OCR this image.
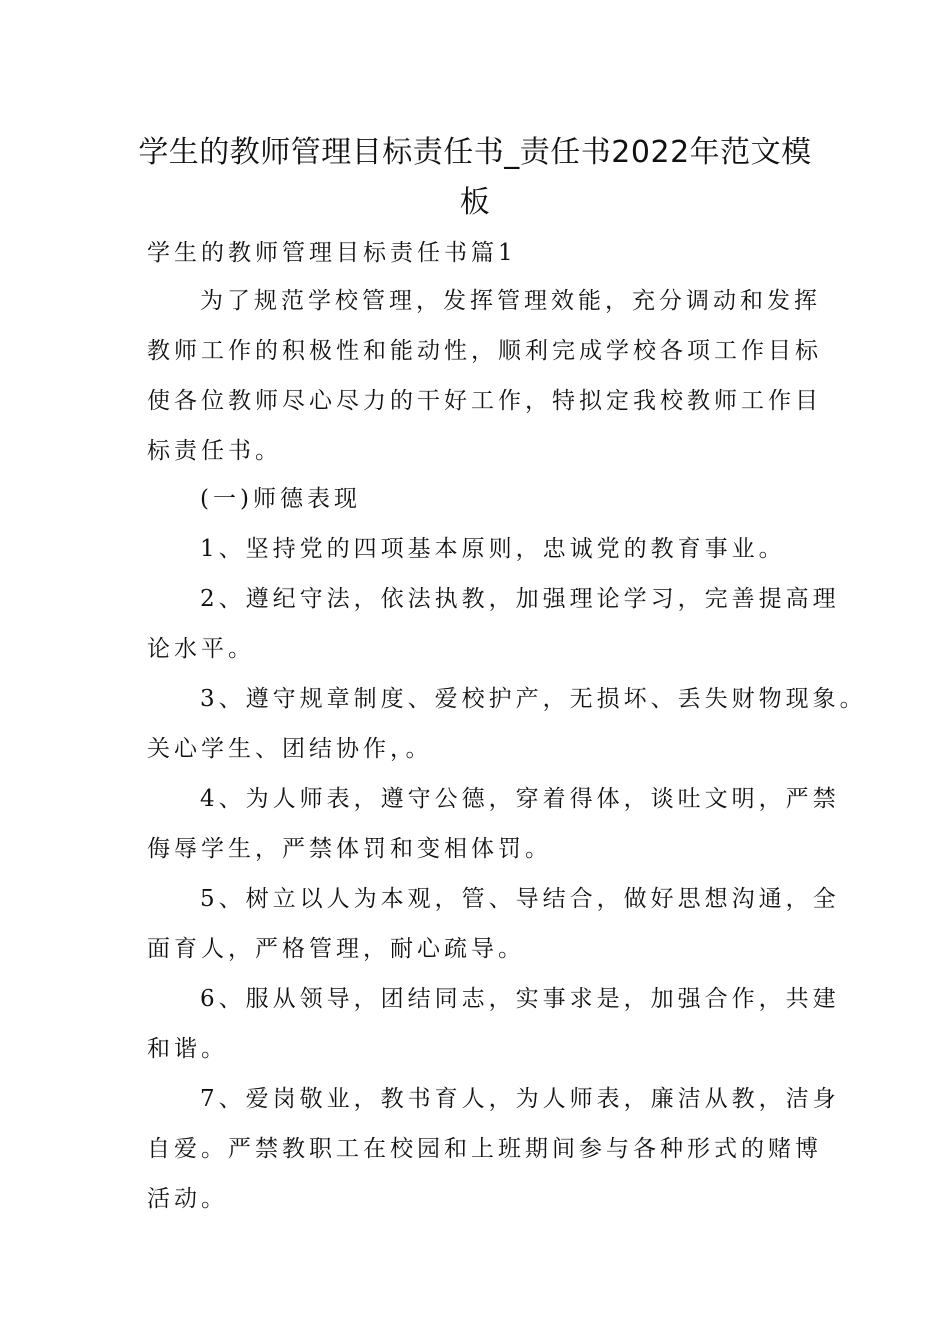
学生的教师管理目标责任书_责任书2022年范文模
板
学生的教师管理目标责任书篇1
为了规范学校管理，发挥管理效能，充分调动和发挥
教师工作的积极性和能动性，顺利完成学校各项工作目标
使各位教师尽心尽力的干好工作，特拟定我校教师工作目
标责任书。
(一)师德表现
1、坚持党的四项基本原则，忠诚党的教育事业。
2、遵纪守法，依法执教，加强理论学习，完善提高理
论水平。
3、遵守规章制度、爱校护产，无损坏、丢失财物现象。
关心学生、团结协作，。
4、为人师表，遵守公德，穿着得体，谈吐文明，严禁
侮辱学生，严禁体罚和变相体罚。
5、树立以人为本观，管、导结合，做好思想沟通，全
面育人，严格管理，耐心疏导。
6、服从领导，团结同志，实事求是，加强合作，共建
和谐。
7、爱岗敬业，教书育人，为人师表，廉洁从教，洁身
自爱。严禁教职工在校园和上班期间参与各种形式的赌博
活动。
